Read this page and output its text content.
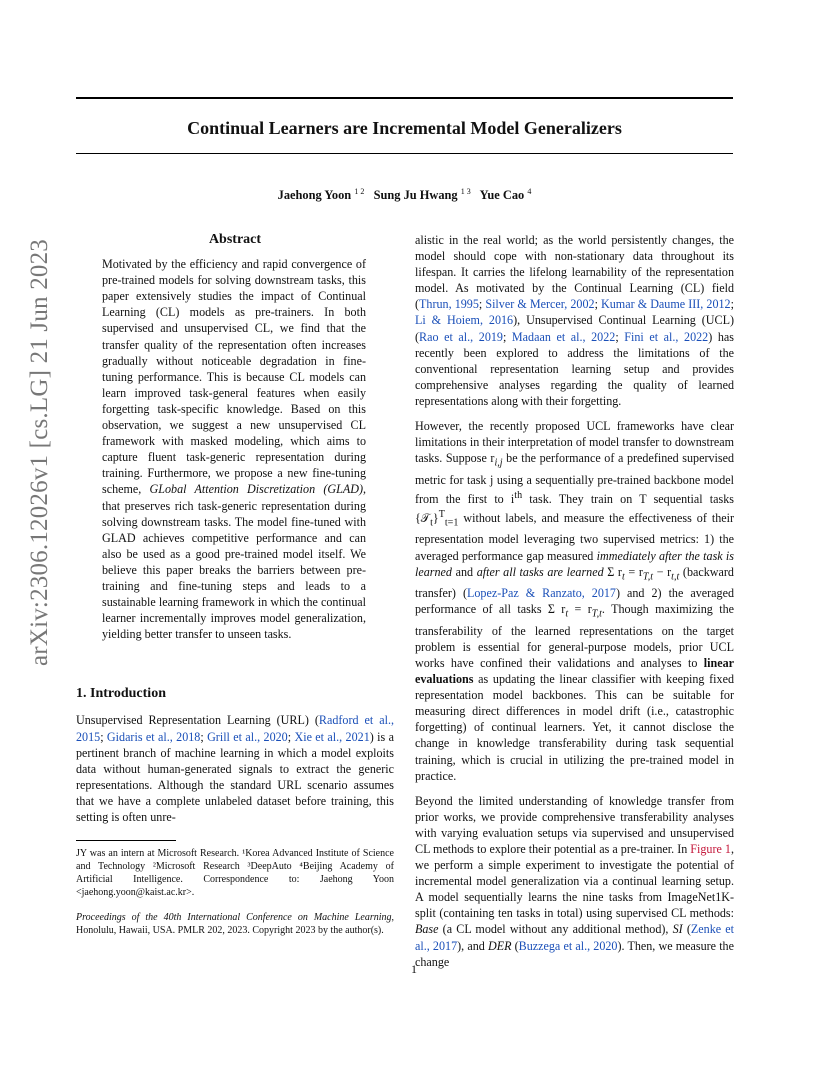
Continual Learners are Incremental Model Generalizers
Jaehong Yoon $^{1 2}$ Sung Ju Hwang $^{1 3}$ Yue Cao $^4$
arXiv:2306.12026v1 [cs.LG] 21 Jun 2023	Abstract

Motivated by the efficiency and rapid convergence of pre-trained models for solving downstream tasks, this paper extensively studies the impact of Continual Learning (CL) models as pre-trainers. In both supervised and unsupervised CL, we find that the transfer quality of the representation often increases gradually without noticeable degradation in fine-tuning performance. This is because CL models can learn improved task-general features when easily forgetting task-specific knowledge. Based on this observation, we suggest a new unsupervised CL framework with masked modeling, which aims to capture fluent task-generic representation during training. Furthermore, we propose a new fine-tuning scheme, GLobal Attention Discretization (GLAD), that preserves rich task-generic representation during solving downstream tasks. The model fine-tuned with GLAD achieves competitive performance and can also be used as a good pre-trained model itself. We believe this paper breaks the barriers between pre-training and fine-tuning steps and leads to a sustainable learning framework in which the continual learner incrementally improves model generalization, yielding better transfer to unseen tasks.

1. Introduction

Unsupervised Representation Learning (URL) (Radford et al., 2015; Gidaris et al., 2018; Grill et al., 2020; Xie et al., 2021) is a pertinent branch of machine learning in which a model exploits data without human-generated signals to extract the generic representations. Although the standard URL scenario assumes that we have a complete unlabeled dataset before training, this setting is often unre-

JY was an intern at Microsoft Research. ¹Korea Advanced Institute of Science and Technology ²Microsoft Research ³DeepAuto ⁴Beijing Academy of Artificial Intelligence. Correspondence to: Jaehong Yoon <jaehong.yoon@kaist.ac.kr>.
Proceedings of the 40th International Conference on Machine Learning, Honolulu, Hawaii, USA. PMLR 202, 2023. Copyright 2023 by the author(s).

alistic in the real world; as the world persistently changes, the model should cope with non-stationary data throughout its lifespan. It carries the lifelong learnability of the representation model. As motivated by the Continual Learning (CL) field (Thrun, 1995; Silver & Mercer, 2002; Kumar & Daume III, 2012; Li & Hoiem, 2016), Unsupervised Continual Learning (UCL) (Rao et al., 2019; Madaan et al., 2022; Fini et al., 2022) has recently been explored to address the limitations of the conventional representation learning setup and provides comprehensive analyses regarding the quality of learned representations along with their forgetting.

However, the recently proposed UCL frameworks have clear limitations in their interpretation of model transfer to downstream tasks. Suppose $r_{i,j}$ be the performance of a predefined supervised metric for task j using a sequentially pre-trained backbone model from the first to $i^{th}$ task. They train on T sequential tasks {𝒯$_t$}$^T_{t=1}$ without labels, and measure the effectiveness of their representation model leveraging two supervised metrics: 1) the averaged performance gap measured immediately after the task is learned and after all tasks are learned Σ $r_t = r_{T,t} - r_{t,t}$ (backward transfer) (Lopez-Paz & Ranzato, 2017) and 2) the averaged performance of all tasks Σ $r_t = r_{T,t}$. Though maximizing the transferability of the learned representations on the target problem is essential for general-purpose models, prior UCL works have confined their validations and analyses to linear evaluations as updating the linear classifier with keeping fixed representation model backbones. This can be suitable for measuring direct differences in model drift (i.e., catastrophic forgetting) of continual learners. Yet, it cannot disclose the change in knowledge transferability during task sequential training, which is crucial in utilizing the pre-trained model in practice.

Beyond the limited understanding of knowledge transfer from prior works, we provide comprehensive transferability analyses with varying evaluation setups via supervised and unsupervised CL methods to explore their potential as a pre-trainer. In Figure 1, we perform a simple experiment to investigate the potential of incremental model generalization via a continual learning setup. A model sequentially learns the nine tasks from ImageNet1K-split (containing ten tasks in total) using supervised CL methods: Base (a CL model without any additional method), SI (Zenke et al., 2017), and DER (Buzzega et al., 2020). Then, we measure the change

1
